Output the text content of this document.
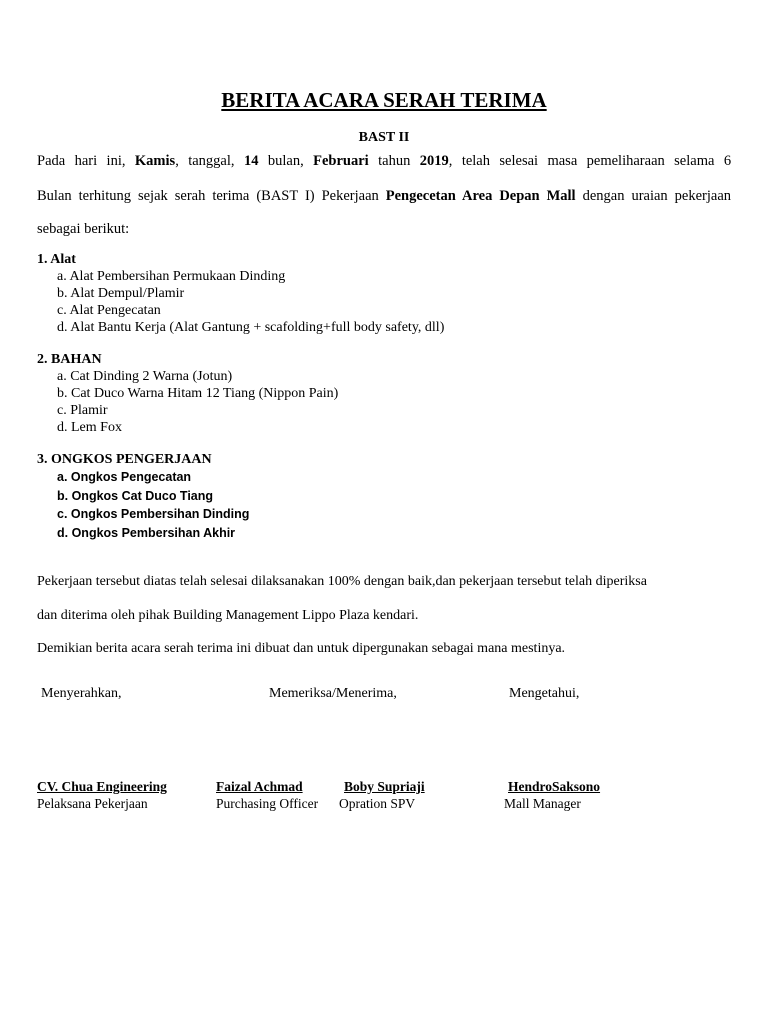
BERITA ACARA SERAH TERIMA
BAST II
Pada hari ini, Kamis, tanggal, 14 bulan, Februari tahun 2019, telah selesai masa pemeliharaan selama 6
Bulan terhitung sejak serah terima (BAST I) Pekerjaan Pengecetan Area Depan Mall dengan uraian pekerjaan
sebagai berikut:
1. Alat
a. Alat Pembersihan Permukaan Dinding
b. Alat Dempul/Plamir
c. Alat Pengecatan
d. Alat Bantu Kerja (Alat Gantung + scafolding+full body safety, dll)
2. BAHAN
a. Cat Dinding 2 Warna (Jotun)
b. Cat Duco Warna Hitam 12 Tiang (Nippon Pain)
c. Plamir
d. Lem Fox
3. ONGKOS PENGERJAAN
a. Ongkos Pengecatan
b. Ongkos Cat Duco Tiang
c. Ongkos Pembersihan Dinding
d. Ongkos Pembersihan Akhir
Pekerjaan tersebut diatas telah selesai dilaksanakan 100% dengan baik,dan pekerjaan tersebut telah diperiksa
dan diterima oleh pihak Building Management Lippo Plaza kendari.
Demikian berita acara serah terima ini dibuat dan untuk dipergunakan sebagai mana mestinya.
Menyerahkan,	Memeriksa/Menerima,	Mengetahui,
CV. Chua Engineering
Pelaksana Pekerjaan
Faizal Achmad
Purchasing Officer
Boby Supriaji
Opration SPV
HendroSaksono
Mall Manager
